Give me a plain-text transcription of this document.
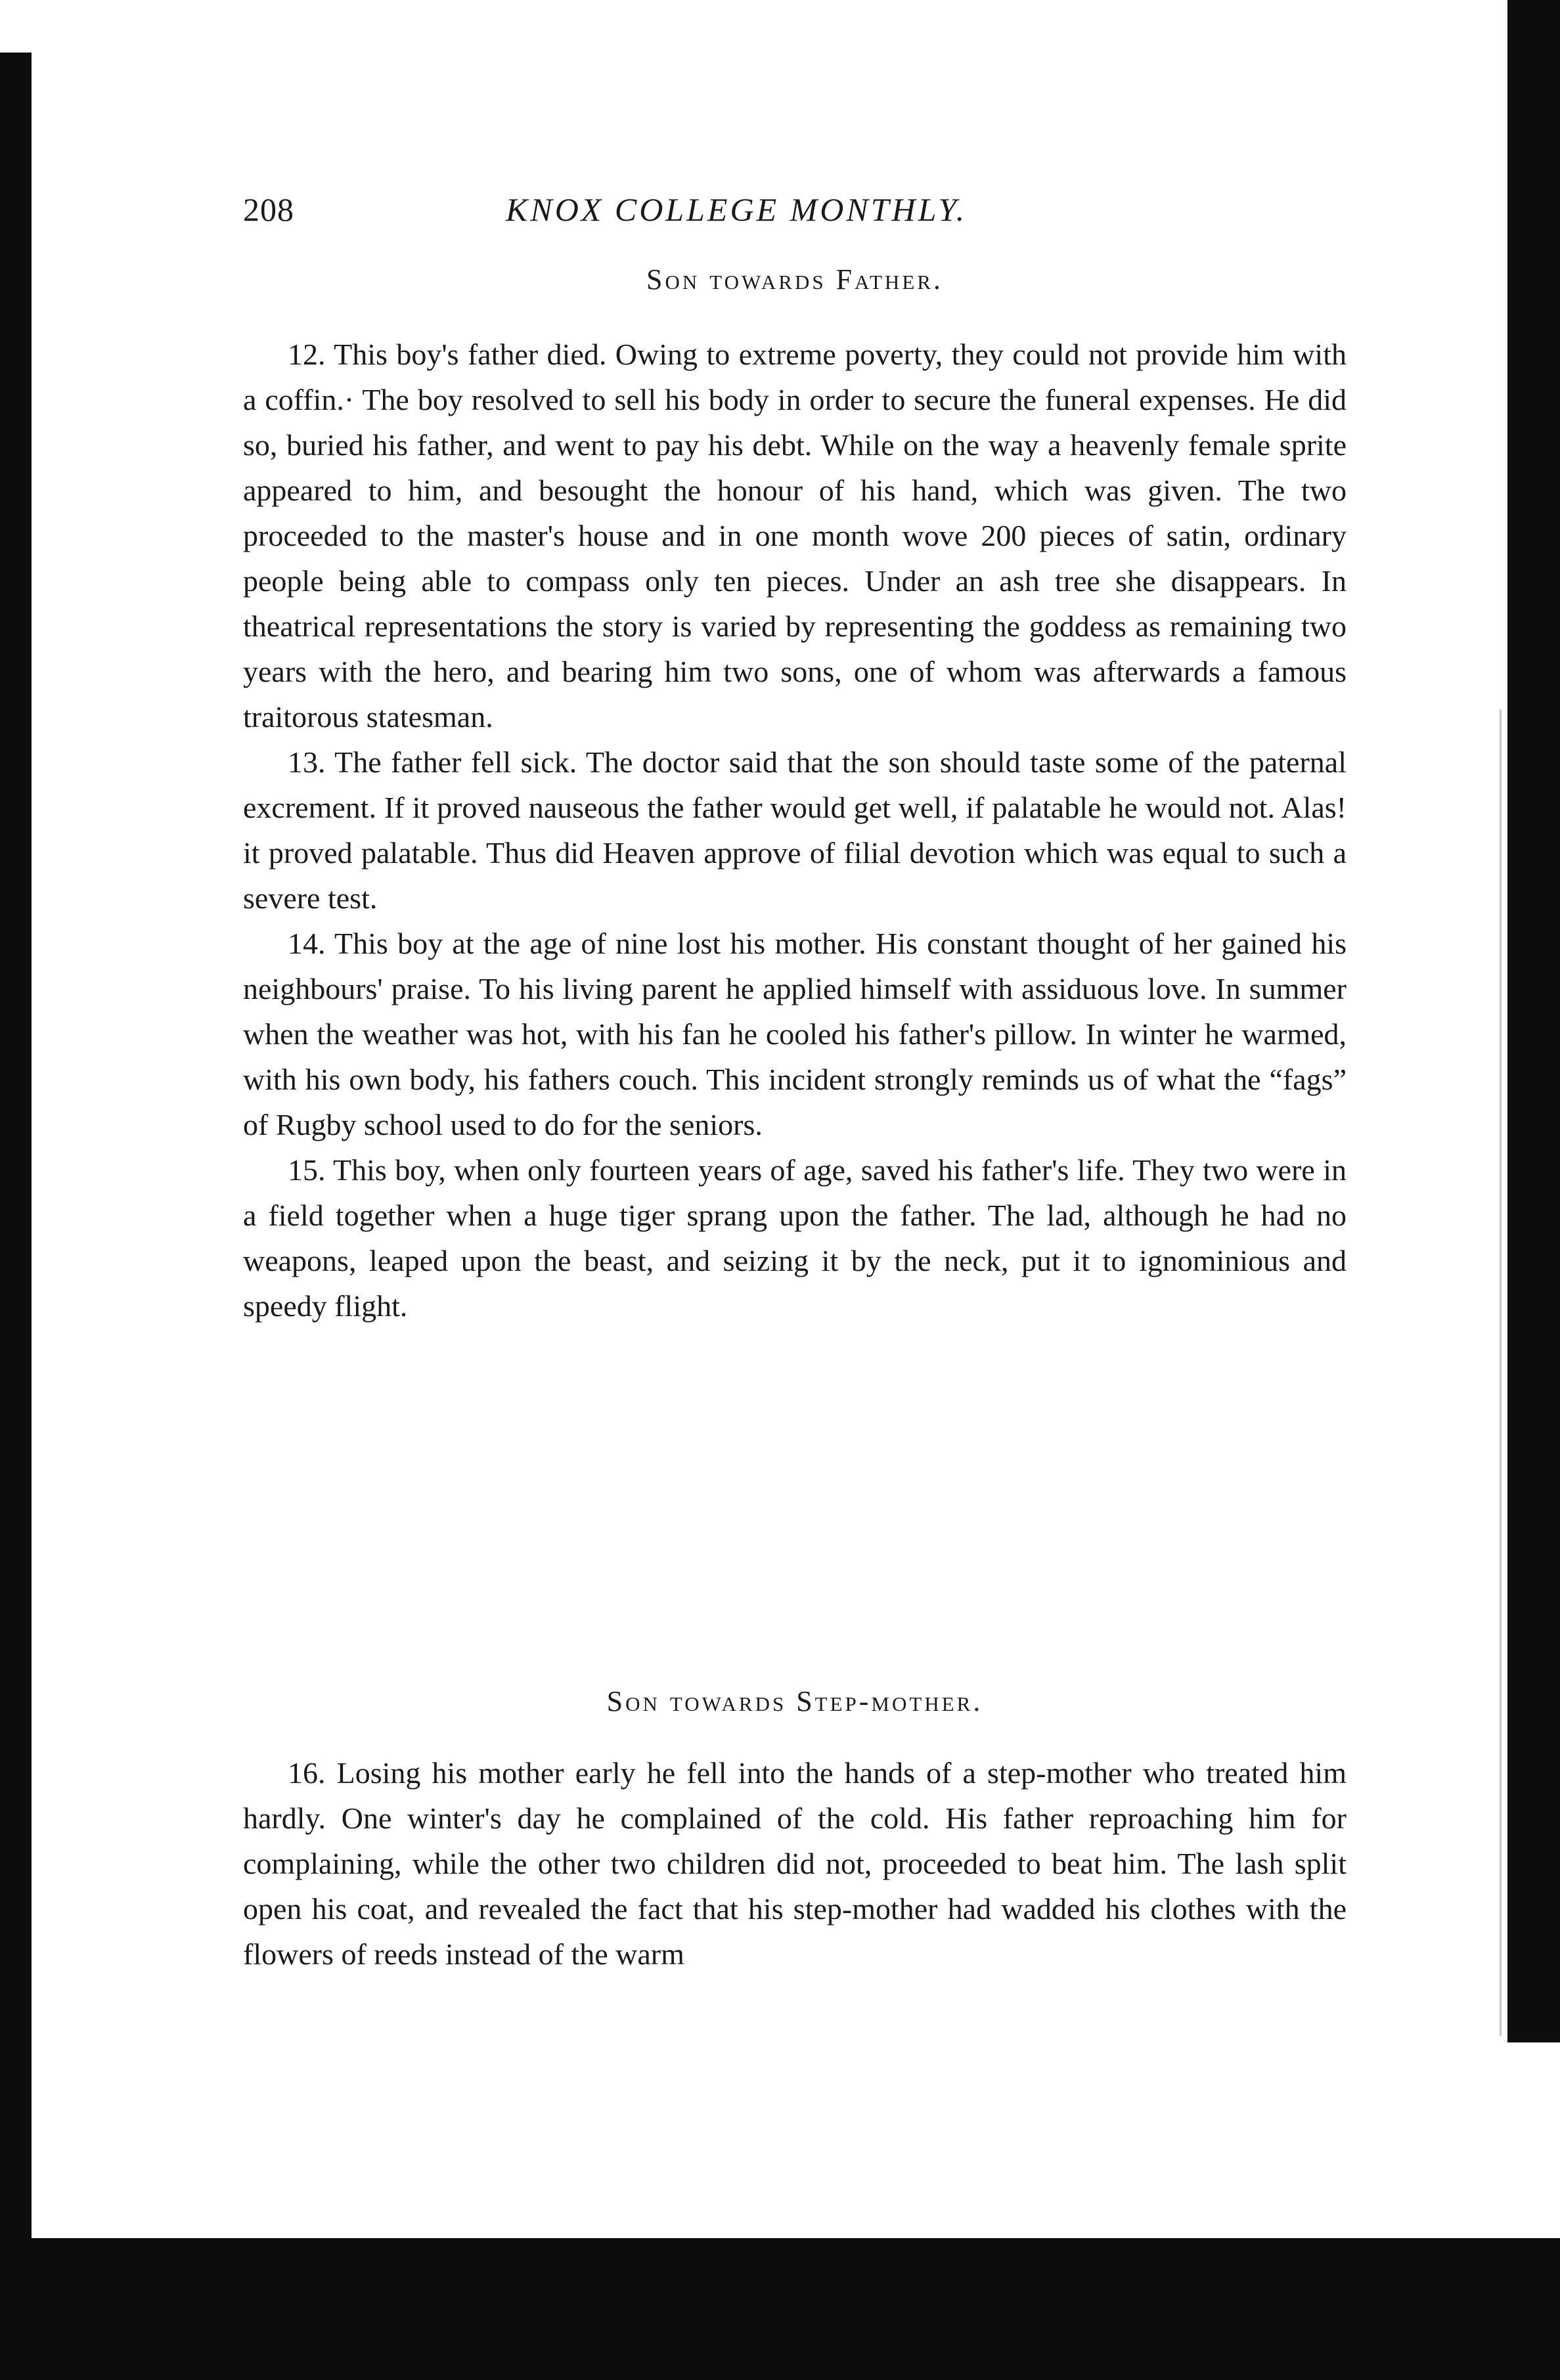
208	KNOX COLLEGE MONTHLY.
Son towards Father.

12. This boy's father died. Owing to extreme poverty, they could not provide him with a coffin.· The boy resolved to sell his body in order to secure the funeral expenses. He did so, buried his father, and went to pay his debt. While on the way a heavenly female sprite appeared to him, and besought the honour of his hand, which was given. The two proceeded to the master's house and in one month wove 200 pieces of satin, ordinary people being able to compass only ten pieces. Under an ash tree she disappears. In theatrical representations the story is varied by representing the goddess as remaining two years with the hero, and bearing him two sons, one of whom was afterwards a famous traitorous statesman.

13. The father fell sick. The doctor said that the son should taste some of the paternal excrement. If it proved nauseous the father would get well, if palatable he would not. Alas! it proved palatable. Thus did Heaven approve of filial devotion which was equal to such a severe test.

14. This boy at the age of nine lost his mother. His constant thought of her gained his neighbours' praise. To his living parent he applied himself with assiduous love. In summer when the weather was hot, with his fan he cooled his father's pillow. In winter he warmed, with his own body, his fathers couch. This incident strongly reminds us of what the “fags” of Rugby school used to do for the seniors.

15. This boy, when only fourteen years of age, saved his father's life. They two were in a field together when a huge tiger sprang upon the father. The lad, although he had no weapons, leaped upon the beast, and seizing it by the neck, put it to ignominious and speedy flight.

Son towards Step-mother.

16. Losing his mother early he fell into the hands of a step-mother who treated him hardly. One winter's day he complained of the cold. His father reproaching him for complaining, while the other two children did not, proceeded to beat him. The lash split open his coat, and revealed the fact that his step-mother had wadded his clothes with the flowers of reeds instead of the warm
